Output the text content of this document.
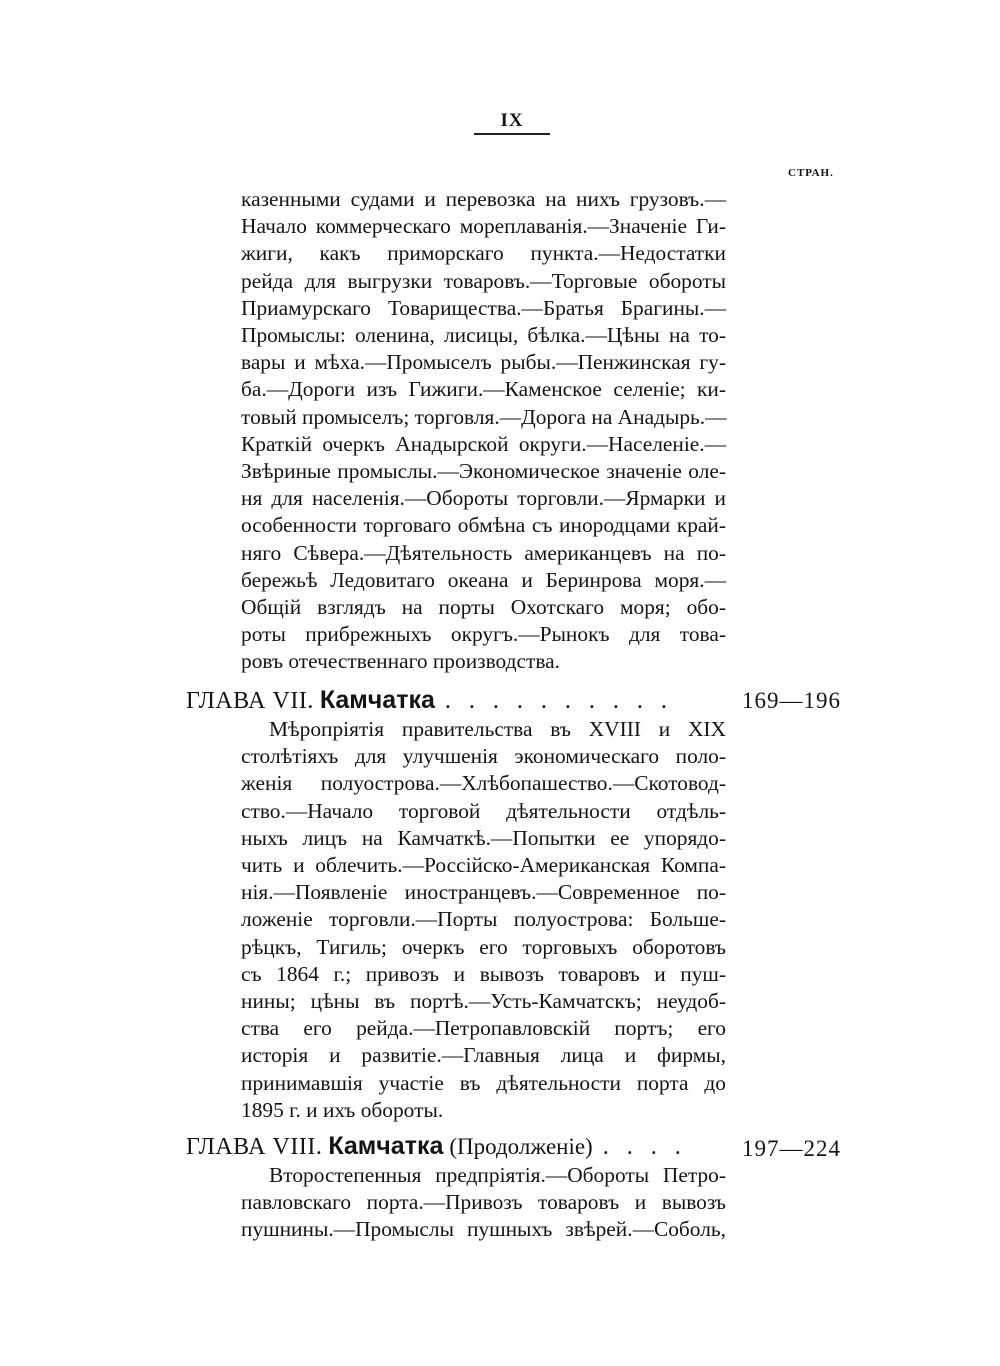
IX
СТРАН.
казенными судами и перевозка на нихъ грузовъ.—
Начало коммерческаго мореплаванія.—Значеніе Ги-
жиги, какъ приморскаго пункта.—Недостатки
рейда для выгрузки товаровъ.—Торговые обороты
Приамурскаго Товарищества.—Братья Брагины.—
Промыслы: оленина, лисицы, бѣлка.—Цѣны на то-
вары и мѣха.—Промыселъ рыбы.—Пенжинская гу-
ба.—Дороги изъ Гижиги.—Каменское селеніе; ки-
товый промыселъ; торговля.—Дорога на Анадырь.—
Краткій очеркъ Анадырской округи.—Населеніе.—
Звѣриные промыслы.—Экономическое значеніе оле-
ня для населенія.—Обороты торговли.—Ярмарки и
особенности торговаго обмѣна съ инородцами край-
няго Сѣвера.—Дѣятельность американцевъ на по-
бережьѣ Ледовитаго океана и Беринрова моря.—
Общій взглядъ на порты Охотскаго моря; обо-
роты прибрежныхъ округъ.—Рынокъ для това-
ровъ отечественнаго производства.
ГЛАВА VII. Камчатка . . . . . . . . . .	169—196
Мѣропріятія правительства въ XVIII и XIX
столѣтіяхъ для улучшенія экономическаго поло-
женія полуострова.—Хлѣбопашество.—Скотовод-
ство.—Начало торговой дѣятельности отдѣль-
ныхъ лицъ на Камчаткѣ.—Попытки ее упорядо-
чить и облечить.—Россійско-Американская Компа-
нія.—Появленіе иностранцевъ.—Современное по-
ложеніе торговли.—Порты полуострова: Больше-
рѣцкъ, Тигиль; очеркъ его торговыхъ оборотовъ
съ 1864 г.; привозъ и вывозъ товаровъ и пуш-
нины; цѣны въ портѣ.—Усть-Камчатскъ; неудоб-
ства его рейда.—Петропавловскій портъ; его
исторія и развитіе.—Главныя лица и фирмы,
принимавшія участіе въ дѣятельности порта до
1895 г. и ихъ обороты.
ГЛАВА VIII. Камчатка (Продолженіе) . . . .	197—224
Второстепенныя предпріятія.—Обороты Петро-
павловскаго порта.—Привозъ товаровъ и вывозъ
пушнины.—Промыслы пушныхъ звѣрей.—Соболь,
